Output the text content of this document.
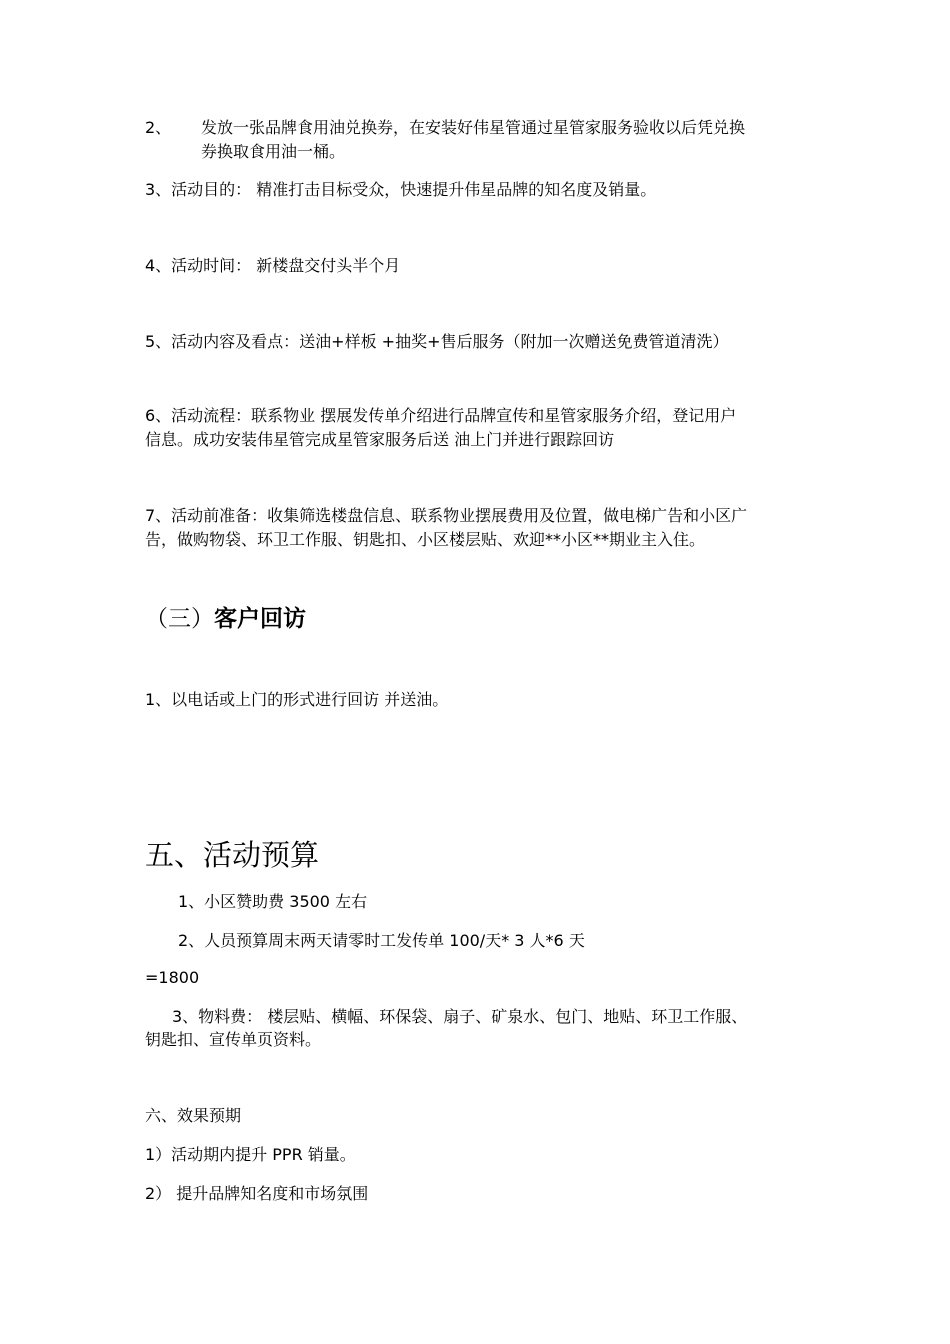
2、 发放一张品牌食用油兑换券，在安装好伟星管通过星管家服务验收以后凭兑换
券换取食用油一桶。
3、活动目的： 精准打击目标受众，快速提升伟星品牌的知名度及销量。
4、活动时间： 新楼盘交付头半个月
5、活动内容及看点：送油+样板 +抽奖+售后服务（附加一次赠送免费管道清洗）
6、活动流程：联系物业 摆展发传单介绍进行品牌宣传和星管家服务介绍，登记用户
信息。成功安装伟星管完成星管家服务后送 油上门并进行跟踪回访
7、活动前准备：收集筛选楼盘信息、联系物业摆展费用及位置，做电梯广告和小区广
告，做购物袋、环卫工作服、钥匙扣、小区楼层贴、欢迎**小区**期业主入住。
（三）客户回访
1、以电话或上门的形式进行回访 并送油。
五、活动预算
1、小区赞助费 3500 左右
2、人员预算周末两天请零时工发传单 100/天* 3 人*6 天
=1800
3、物料费： 楼层贴、横幅、环保袋、扇子、矿泉水、包门、地贴、环卫工作服、
钥匙扣、宣传单页资料。
六、效果预期
1）活动期内提升 PPR 销量。
2） 提升品牌知名度和市场氛围
